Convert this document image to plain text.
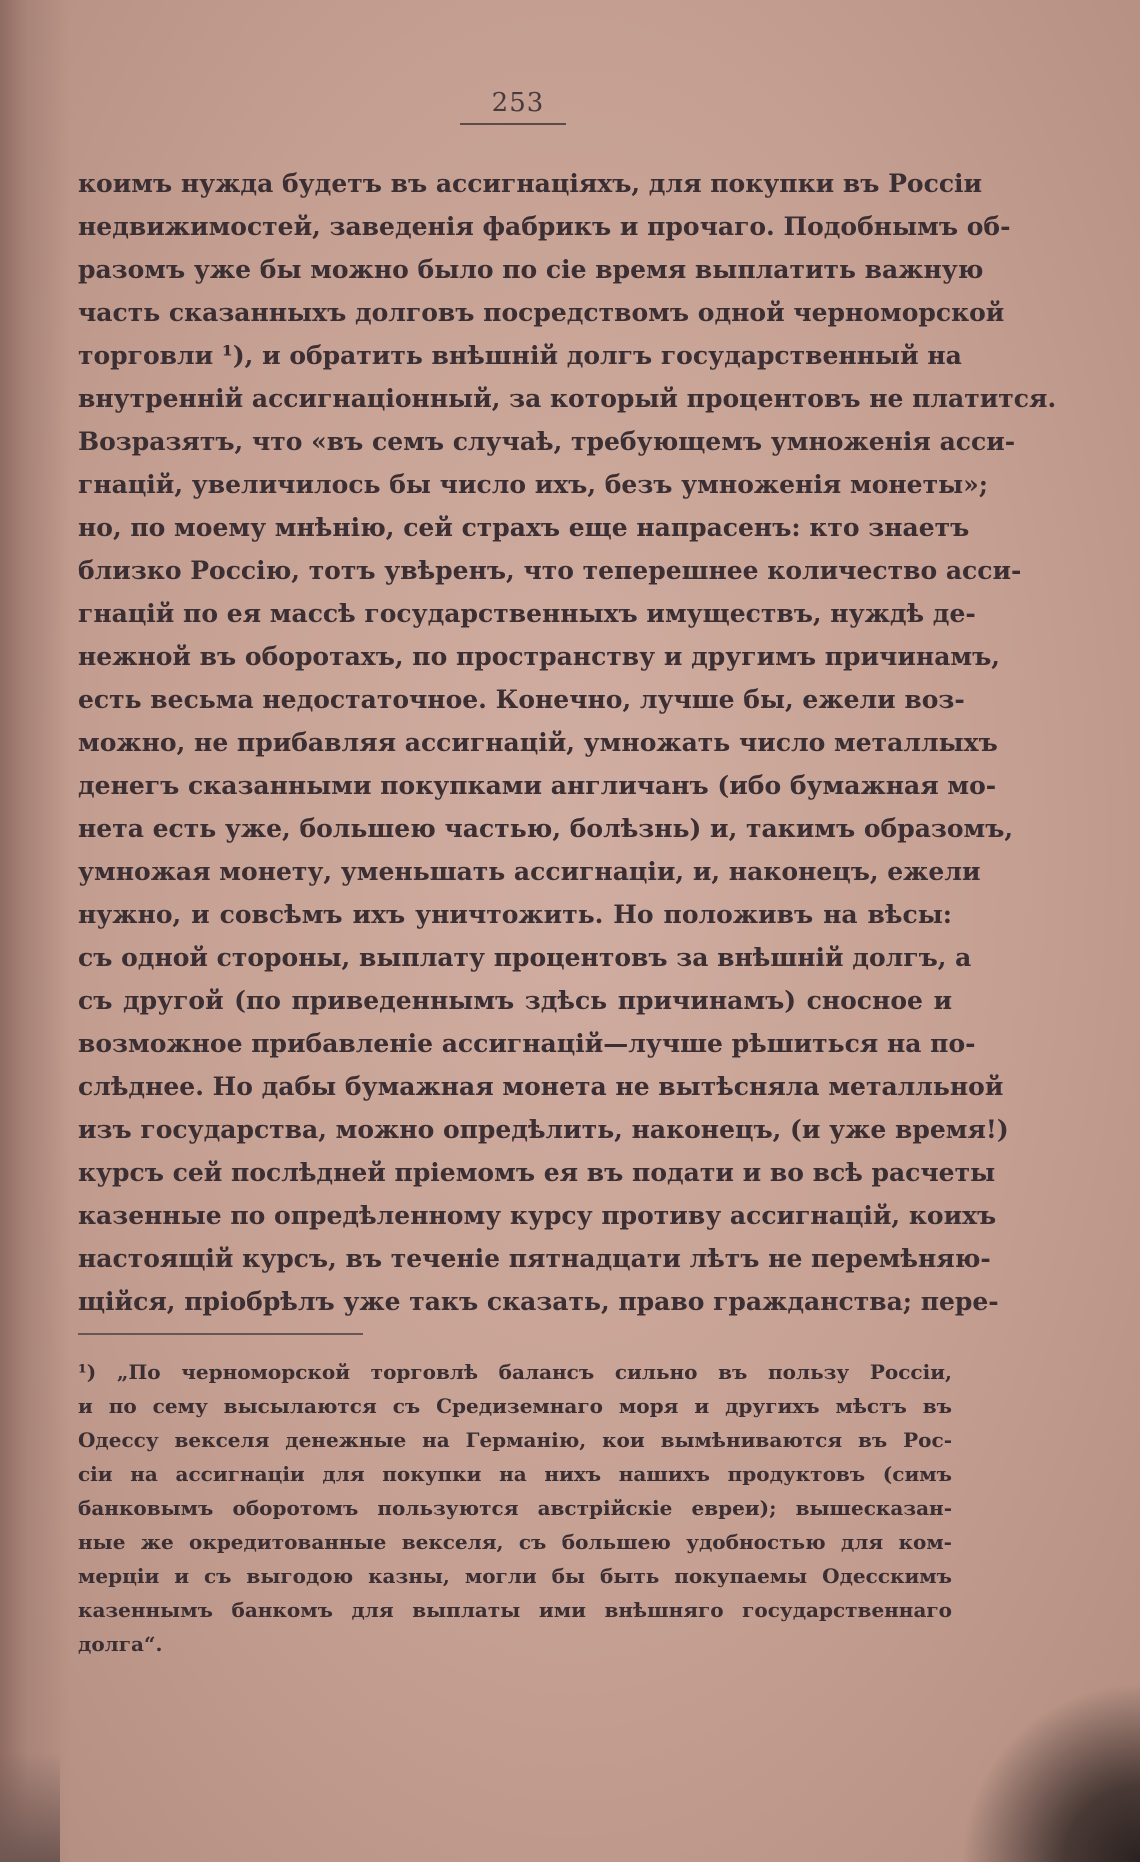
253
коимъ нужда будетъ въ ассигнацiяхъ, для покупки въ Россiи
недвижимостей, заведенiя фабрикъ и прочаго. Подобнымъ об-
разомъ уже бы можно было по сiе время выплатить важную
часть сказанныхъ долговъ посредствомъ одной черноморской
торговли ¹), и обратить внѣшнiй долгъ государственный на
внутреннiй ассигнацiонный, за который процентовъ не платится.
Возразятъ, что «въ семъ случаѣ, требующемъ умноженiя асси-
гнацiй, увеличилось бы число ихъ, безъ умноженiя монеты»;
но, по моему мнѣнiю, сей страхъ еще напрасенъ: кто знаетъ
близко Россiю, тотъ увѣренъ, что теперешнее количество асси-
гнацiй по ея массѣ государственныхъ имуществъ, нуждѣ де-
нежной въ оборотахъ, по пространству и другимъ причинамъ,
есть весьма недостаточное. Конечно, лучше бы, ежели воз-
можно, не прибавляя ассигнацiй, умножать число металлыхъ
денегъ сказанными покупками англичанъ (ибо бумажная мо-
нета есть уже, большею частью, болѣзнь) и, такимъ образомъ,
умножая монету, уменьшать ассигнацiи, и, наконецъ, ежели
нужно, и совсѣмъ ихъ уничтожить. Но положивъ на вѣсы:
съ одной стороны, выплату процентовъ за внѣшнiй долгъ, а
съ другой (по приведеннымъ здѣсь причинамъ) сносное и
возможное прибавленiе ассигнацiй—лучше рѣшиться на по-
слѣднее. Но дабы бумажная монета не вытѣсняла металльной
изъ государства, можно опредѣлить, наконецъ, (и уже время!)
курсъ сей послѣдней прiемомъ ея въ подати и во всѣ расчеты
казенные по опредѣленному курсу противу ассигнацiй, коихъ
настоящiй курсъ, въ теченiе пятнадцати лѣтъ не перемѣняю-
щiйся, прiобрѣлъ уже такъ сказать, право гражданства; пере-
¹) „По черноморской торговлѣ балансъ сильно въ пользу Россiи,
и по сему высылаются съ Средиземнаго моря и другихъ мѣстъ въ
Одессу векселя денежные на Германiю, кои вымѣниваются въ Рос-
сiи на ассигнацiи для покупки на нихъ нашихъ продуктовъ (симъ
банковымъ оборотомъ пользуются австрiйскiе евреи); вышесказан-
ные же окредитованные векселя, съ большею удобностью для ком-
мерцiи и съ выгодою казны, могли бы быть покупаемы Одесскимъ
казеннымъ банкомъ для выплаты ими внѣшняго государственнаго
долга“.
